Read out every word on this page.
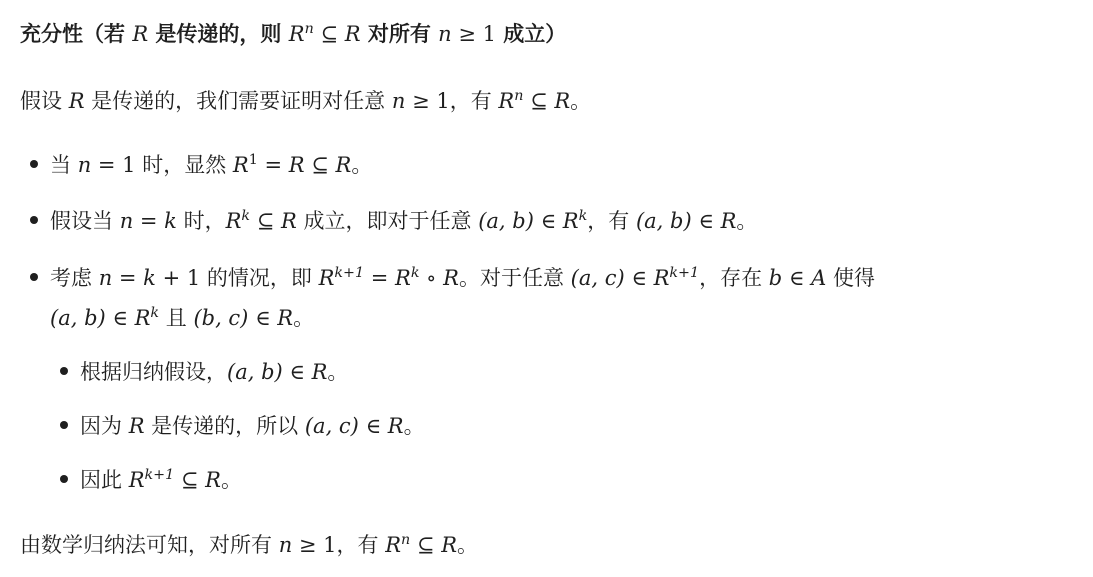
充分性（若 R 是传递的，则 $R^n$ ⊆ R 对所有 n ≥ 1 成立）
假设 R 是传递的，我们需要证明对任意 n ≥ 1，有 $R^n$ ⊆ R。
当 n = 1 时，显然 $R^1 = R$ ⊆ R。
假设当 n = k 时，$R^k$ ⊆ R 成立，即对于任意 (a, b) ∈ $R^k$，有 (a, b) ∈ R。
考虑 n = k + 1 的情况，即 $R^{k+1} = R^k$ ∘ R。对于任意 (a, c) ∈ $R^{k+1}$，存在 b ∈ A 使得
(a, b) ∈ $R^k$ 且 (b, c) ∈ R。
根据归纳假设，(a, b) ∈ R。
因为 R 是传递的，所以 (a, c) ∈ R。
因此 $R^{k+1}$ ⊆ R。
由数学归纳法可知，对所有 n ≥ 1，有 $R^n$ ⊆ R。
